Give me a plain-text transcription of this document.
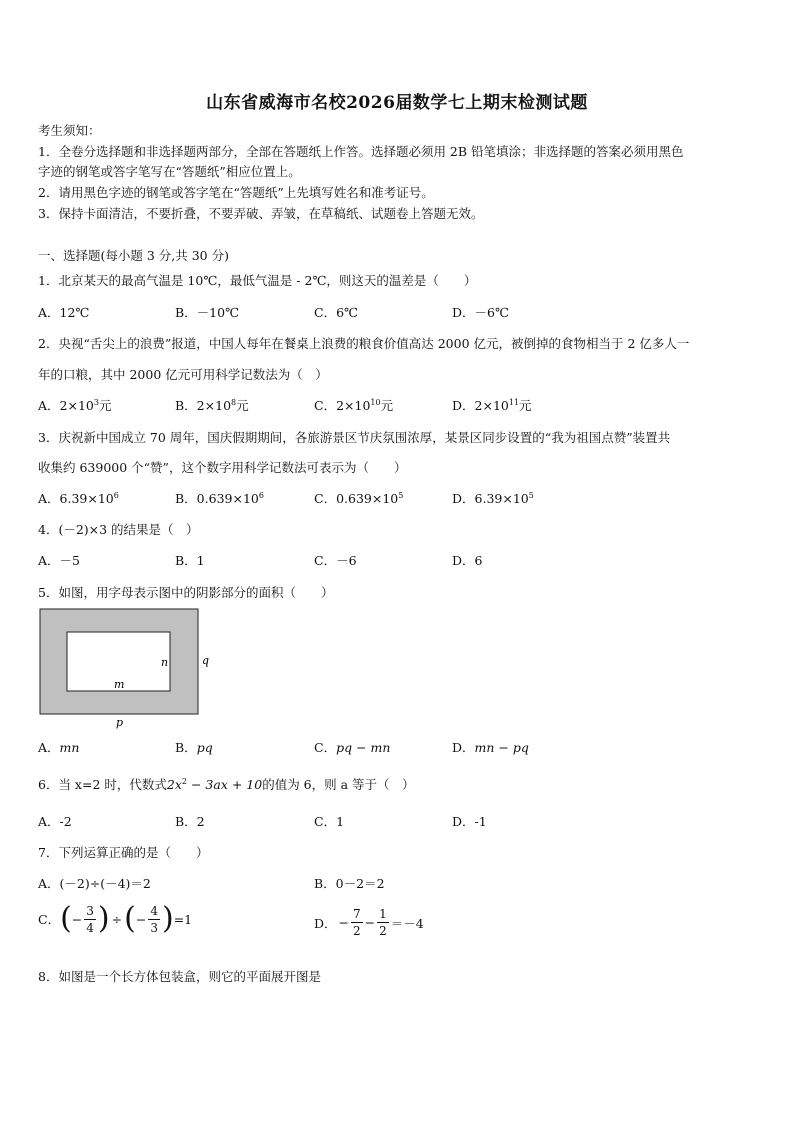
山东省威海市名校2026届数学七上期末检测试题
考生须知：
1．全卷分选择题和非选择题两部分，全部在答题纸上作答。选择题必须用 2B 铅笔填涂；非选择题的答案必须用黑色
字迹的钢笔或答字笔写在“答题纸”相应位置上。
2．请用黑色字迹的钢笔或答字笔在“答题纸”上先填写姓名和准考证号。
3．保持卡面清洁，不要折叠，不要弄破、弄皱，在草稿纸、试题卷上答题无效。
一、选择题(每小题 3 分,共 30 分)
1．北京某天的最高气温是 10℃，最低气温是 - 2℃，则这天的温差是（　　）
A．12℃	B．－10℃	C．6℃	D．－6℃
2．央视“舌尖上的浪费”报道，中国人每年在餐桌上浪费的粮食价值高达 2000 亿元，被倒掉的食物相当于 2 亿多人一
年的口粮，其中 2000 亿元可用科学记数法为（　）
A．$2\times 10^3$元	B．$2\times 10^8$元	C．$2\times 10^{10}$元	D．$2\times 10^{11}$元
3．庆祝新中国成立 70 周年，国庆假期期间，各旅游景区节庆氛围浓厚，某景区同步设置的“我为祖国点赞”装置共
收集约 639000 个“赞”，这个数字用科学记数法可表示为（　　）
A．$6.39\times 10^6$	B．$0.639\times 10^6$	C．$0.639\times 10^5$	D．$6.39\times 10^5$
4．(－2)×3 的结果是（　）
A．－5	B．1	C．－6	D．6
5．如图，用字母表示图中的阴影部分的面积（　　）
n	q
m
p
A．mn	B．pq	C．pq − mn	D．mn − pq
6．当 x=2 时，代数式$2x^2 - 3ax + 10$的值为 6，则 a 等于（　）
A．-2	B．2	C．1	D．-1
7．下列运算正确的是（　　）
A．(－2)÷(－4)＝2	B．0－2＝2
C． ( − $\frac{3}{4}$ ) ÷ ( − $\frac{4}{3}$ ) =1	D． − $\frac{7}{2} - \frac{1}{2} =-4$
8．如图是一个长方体包装盒，则它的平面展开图是
